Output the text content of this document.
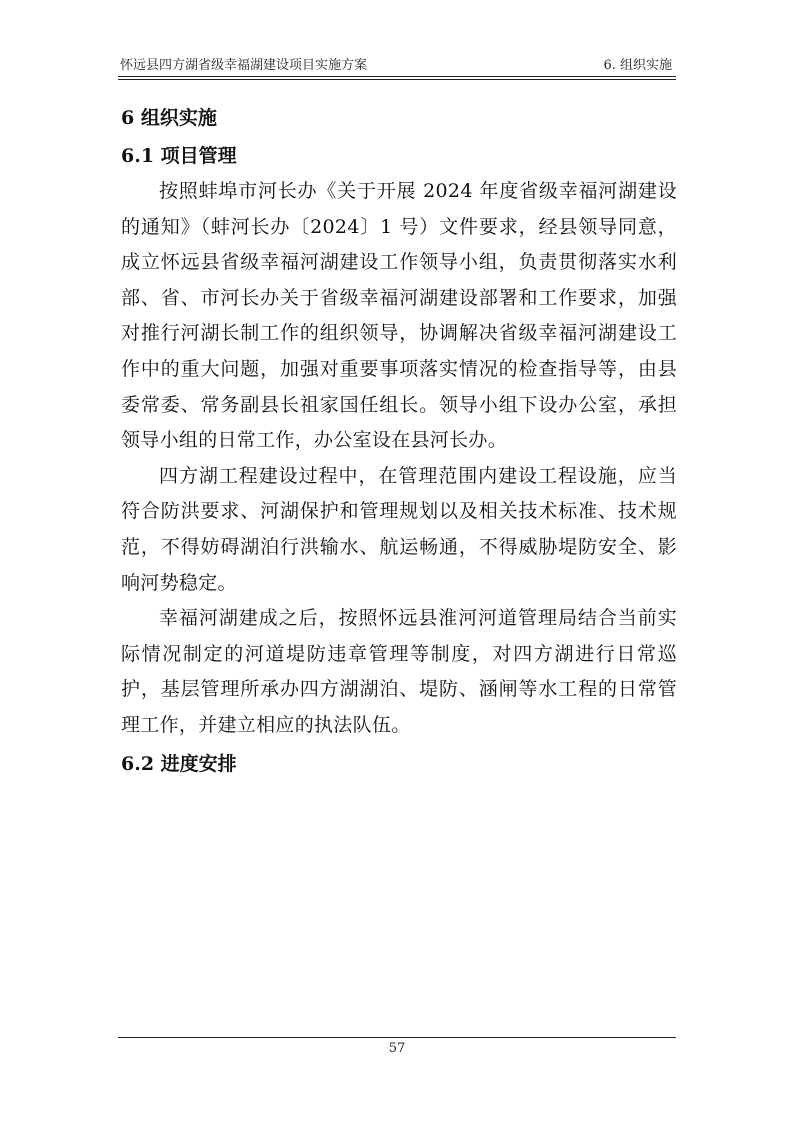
怀远县四方湖省级幸福湖建设项目实施方案	6. 组织实施
6 组织实施
6.1 项目管理

按照蚌埠市河长办《关于开展 2024 年度省级幸福河湖建设的通知》（蚌河长办〔2024〕1 号）文件要求，经县领导同意，成立怀远县省级幸福河湖建设工作领导小组，负责贯彻落实水利部、省、市河长办关于省级幸福河湖建设部署和工作要求，加强对推行河湖长制工作的组织领导，协调解决省级幸福河湖建设工作中的重大问题，加强对重要事项落实情况的检查指导等，由县委常委、常务副县长祖家国任组长。领导小组下设办公室，承担领导小组的日常工作，办公室设在县河长办。

四方湖工程建设过程中，在管理范围内建设工程设施，应当符合防洪要求、河湖保护和管理规划以及相关技术标准、技术规范，不得妨碍湖泊行洪输水、航运畅通，不得威胁堤防安全、影响河势稳定。

幸福河湖建成之后，按照怀远县淮河河道管理局结合当前实际情况制定的河道堤防违章管理等制度，对四方湖进行日常巡护，基层管理所承办四方湖湖泊、堤防、涵闸等水工程的日常管理工作，并建立相应的执法队伍。

6.2 进度安排
57
